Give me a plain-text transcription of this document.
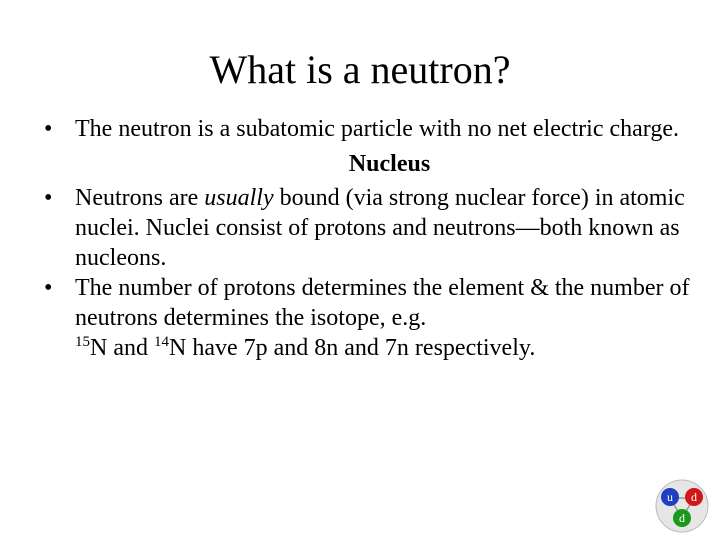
What is a neutron?
• The neutron is a subatomic particle with no net electric charge.
Nucleus
• Neutrons are usually bound (via strong nuclear force) in atomic nuclei. Nuclei consist of protons and neutrons—both known as nucleons.
• The number of protons determines the element & the number of neutrons determines the isotope, e.g.
$^{15}$N and $^{14}$N have 7p and 8n and 7n respectively.
u d
d
